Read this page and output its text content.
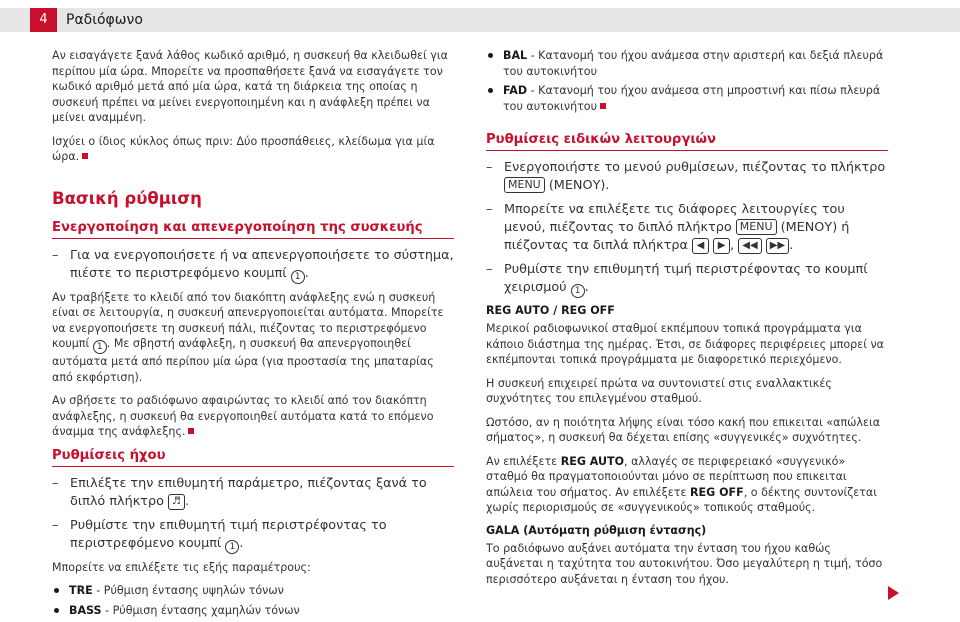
4	Ραδιόφωνο

Αν εισαγάγετε ξανά λάθος κωδικό αριθμό, η συσκευή θα κλειδωθεί για περίπου μία ώρα. Μπορείτε να προσπαθήσετε ξανά να εισαγάγετε τον κωδικό αριθμό μετά από μία ώρα, κατά τη διάρκεια της οποίας η συσκευή πρέπει να μείνει ενεργοποιημένη και η ανάφλεξη πρέπει να μείνει αναμμένη.

Ισχύει ο ίδιος κύκλος όπως πριν: Δύο προσπάθειες, κλείδωμα για μία ώρα.

Βασική ρύθμιση
Ενεργοποίηση και απενεργοποίηση της συσκευής
– Για να ενεργοποιήσετε ή να απενεργοποιήσετε το σύστημα, πιέστε το περιστρεφόμενο κουμπί 1 .

Αν τραβήξετε το κλειδί από τον διακόπτη ανάφλεξης ενώ η συσκευή είναι σε λειτουργία, η συσκευή απενεργοποιείται αυτόματα. Μπορείτε να ενεργοποιήσετε τη συσκευή πάλι, πιέζοντας το περιστρεφόμενο κουμπί 1 . Με σβηστή ανάφλεξη, η συσκευή θα απενεργοποιηθεί αυτόματα μετά από περίπου μία ώρα (για προστασία της μπαταρίας από εκφόρτιση).

Αν σβήσετε το ραδιόφωνο αφαιρώντας το κλειδί από τον διακόπτη ανάφλεξης, η συσκευή θα ενεργοποιηθεί αυτόματα κατά το επόμενο άναμμα της ανάφλεξης.

Ρυθμίσεις ήχου
– Επιλέξτε την επιθυμητή παράμετρο, πιέζοντας ξανά το διπλό πλήκτρο ♬ .
– Ρυθμίστε την επιθυμητή τιμή περιστρέφοντας το περιστρεφόμενο κουμπί 1 .

Μπορείτε να επιλέξετε τις εξής παραμέτρους:

TRE - Ρύθμιση έντασης υψηλών τόνων
BASS - Ρύθμιση έντασης χαμηλών τόνων
BAL - Κατανομή του ήχου ανάμεσα στην αριστερή και δεξιά πλευρά του αυτοκινήτου
FAD - Κατανομή του ήχου ανάμεσα στη μπροστινή και πίσω πλευρά του αυτοκινήτου
Ρυθμίσεις ειδικών λειτουργιών
– Ενεργοποιήστε το μενού ρυθμίσεων, πιέζοντας το πλήκτρο MENU (ΜΕΝΟΥ).
– Μπορείτε να επιλέξετε τις διάφορες λειτουργίες του μενού, πιέζοντας το διπλό πλήκτρο MENU (ΜΕΝΟΥ) ή πιέζοντας τα διπλά πλήκτρα ◀ ▶ , ◀◀ ▶▶ .
– Ρυθμίστε την επιθυμητή τιμή περιστρέφοντας το κουμπί χειρισμού 1 .
REG AUTO / REG OFF

Μερικοί ραδιοφωνικοί σταθμοί εκπέμπουν τοπικά προγράμματα για κάποιο διάστημα της ημέρας. Έτσι, σε διάφορες περιφέρειες μπορεί να εκπέμπονται τοπικά προγράμματα με διαφορετικό περιεχόμενο.

Η συσκευή επιχειρεί πρώτα να συντονιστεί στις εναλλακτικές συχνότητες του επιλεγμένου σταθμού.

Ωστόσο, αν η ποιότητα λήψης είναι τόσο κακή που επικειται «απώλεια σήματος», η συσκευή θα δέχεται επίσης «συγγενικές» συχνότητες.

Αν επιλέξετε REG AUTO, αλλαγές σε περιφερειακό «συγγενικό» σταθμό θα πραγματοποιούνται μόνο σε περίπτωση που επικειται απώλεια του σήματος. Αν επιλέξετε REG OFF, ο δέκτης συντονίζεται χωρίς περιορισμούς σε «συγγενικούς» τοπικούς σταθμούς.

GALA (Αυτόματη ρύθμιση έντασης)

Το ραδιόφωνο αυξάνει αυτόματα την ένταση του ήχου καθώς αυξάνεται η ταχύτητα του αυτοκινήτου. Όσο μεγαλύτερη η τιμή, τόσο περισσότερο αυξάνεται η ένταση του ήχου.
